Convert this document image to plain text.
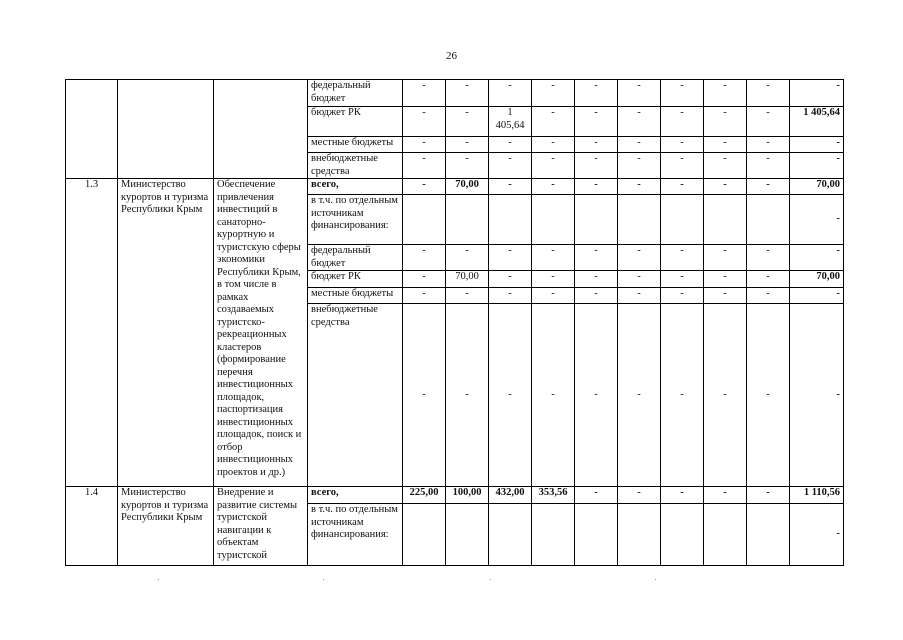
26
			федеральный бюджет	-	-	-	-	-	-	-	-	-	-
			бюджет РК	-	-	1 405,64	-	-	-	-	-	-	1 405,64
			местные бюджеты	-	-	-	-	-	-	-	-	-	-
			внебюджетные средства	-	-	-	-	-	-	-	-	-	-
1.3	Министерство курортов и туризма Республики Крым	Обеспечение привлечения инвестиций в санаторно-курортную и туристскую сферы экономики Республики Крым, в том числе в рамках создаваемых туристско-рекреационных кластеров (формирование перечня инвестиционных площадок, паспортизация инвестиционных площадок, поиск и отбор инвестиционных проектов и др.)	всего,	-	70,00	-	-	-	-	-	-	-	70,00
			в т.ч. по отдельным источникам финансирования:										-
			федеральный бюджет	-	-	-	-	-	-	-	-	-	-
			бюджет РК	-	70,00	-	-	-	-	-	-	-	70,00
			местные бюджеты	-	-	-	-	-	-	-	-	-	-
			внебюджетные средства	-	-	-	-	-	-	-	-	-	-
1.4	Министерство курортов и туризма Республики Крым	Внедрение и развитие системы туристской навигации к объектам туристской	всего,	225,00	100,00	432,00	353,56	-	-	-	-	-	1 110,56
			в т.ч. по отдельным источникам финансирования:										-
